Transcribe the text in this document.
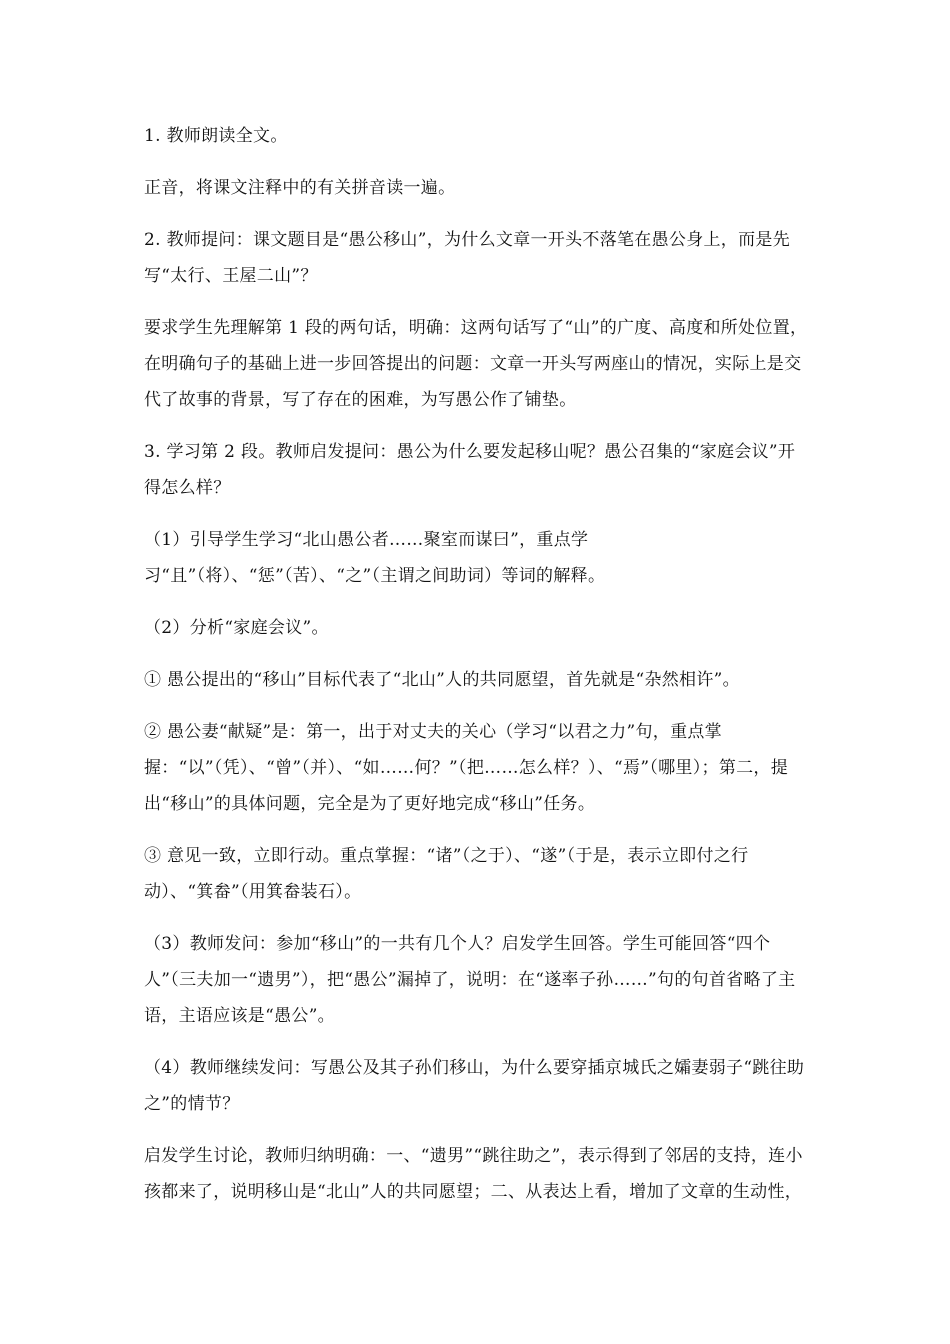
1. 教师朗读全文。

正音，将课文注释中的有关拼音读一遍。

2. 教师提问：课文题目是“愚公移山”，为什么文章一开头不落笔在愚公身上，而是先写“太行、王屋二山”？

要求学生先理解第 1 段的两句话，明确：这两句话写了“山”的广度、高度和所处位置，在明确句子的基础上进一步回答提出的问题：文章一开头写两座山的情况，实际上是交代了故事的背景，写了存在的困难，为写愚公作了铺垫。

3. 学习第 2 段。教师启发提问：愚公为什么要发起移山呢？愚公召集的“家庭会议”开得怎么样？

（1）引导学生学习“北山愚公者……聚室而谋曰”，重点学习“且”（将）、“惩”（苦）、“之”（主谓之间助词）等词的解释。

（2）分析“家庭会议”。

① 愚公提出的“移山”目标代表了“北山”人的共同愿望，首先就是“杂然相许”。

② 愚公妻“献疑”是：第一，出于对丈夫的关心（学习“以君之力”句，重点掌握：“以”（凭）、“曾”（并）、“如……何？”（把……怎么样？）、“焉”（哪里）；第二，提出“移山”的具体问题，完全是为了更好地完成“移山”任务。

③ 意见一致，立即行动。重点掌握：“诸”（之于）、“遂”（于是，表示立即付之行动）、“箕畚”（用箕畚装石）。

（3）教师发问：参加“移山”的一共有几个人？启发学生回答。学生可能回答“四个人”（三夫加一“遗男”），把“愚公”漏掉了，说明：在“遂率子孙……”句的句首省略了主语，主语应该是“愚公”。

（4）教师继续发问：写愚公及其子孙们移山，为什么要穿插京城氏之孀妻弱子“跳往助之”的情节？

启发学生讨论，教师归纳明确：一、“遗男”“跳往助之”，表示得到了邻居的支持，连小孩都来了，说明移山是“北山”人的共同愿望；二、从表达上看，增加了文章的生动性，
